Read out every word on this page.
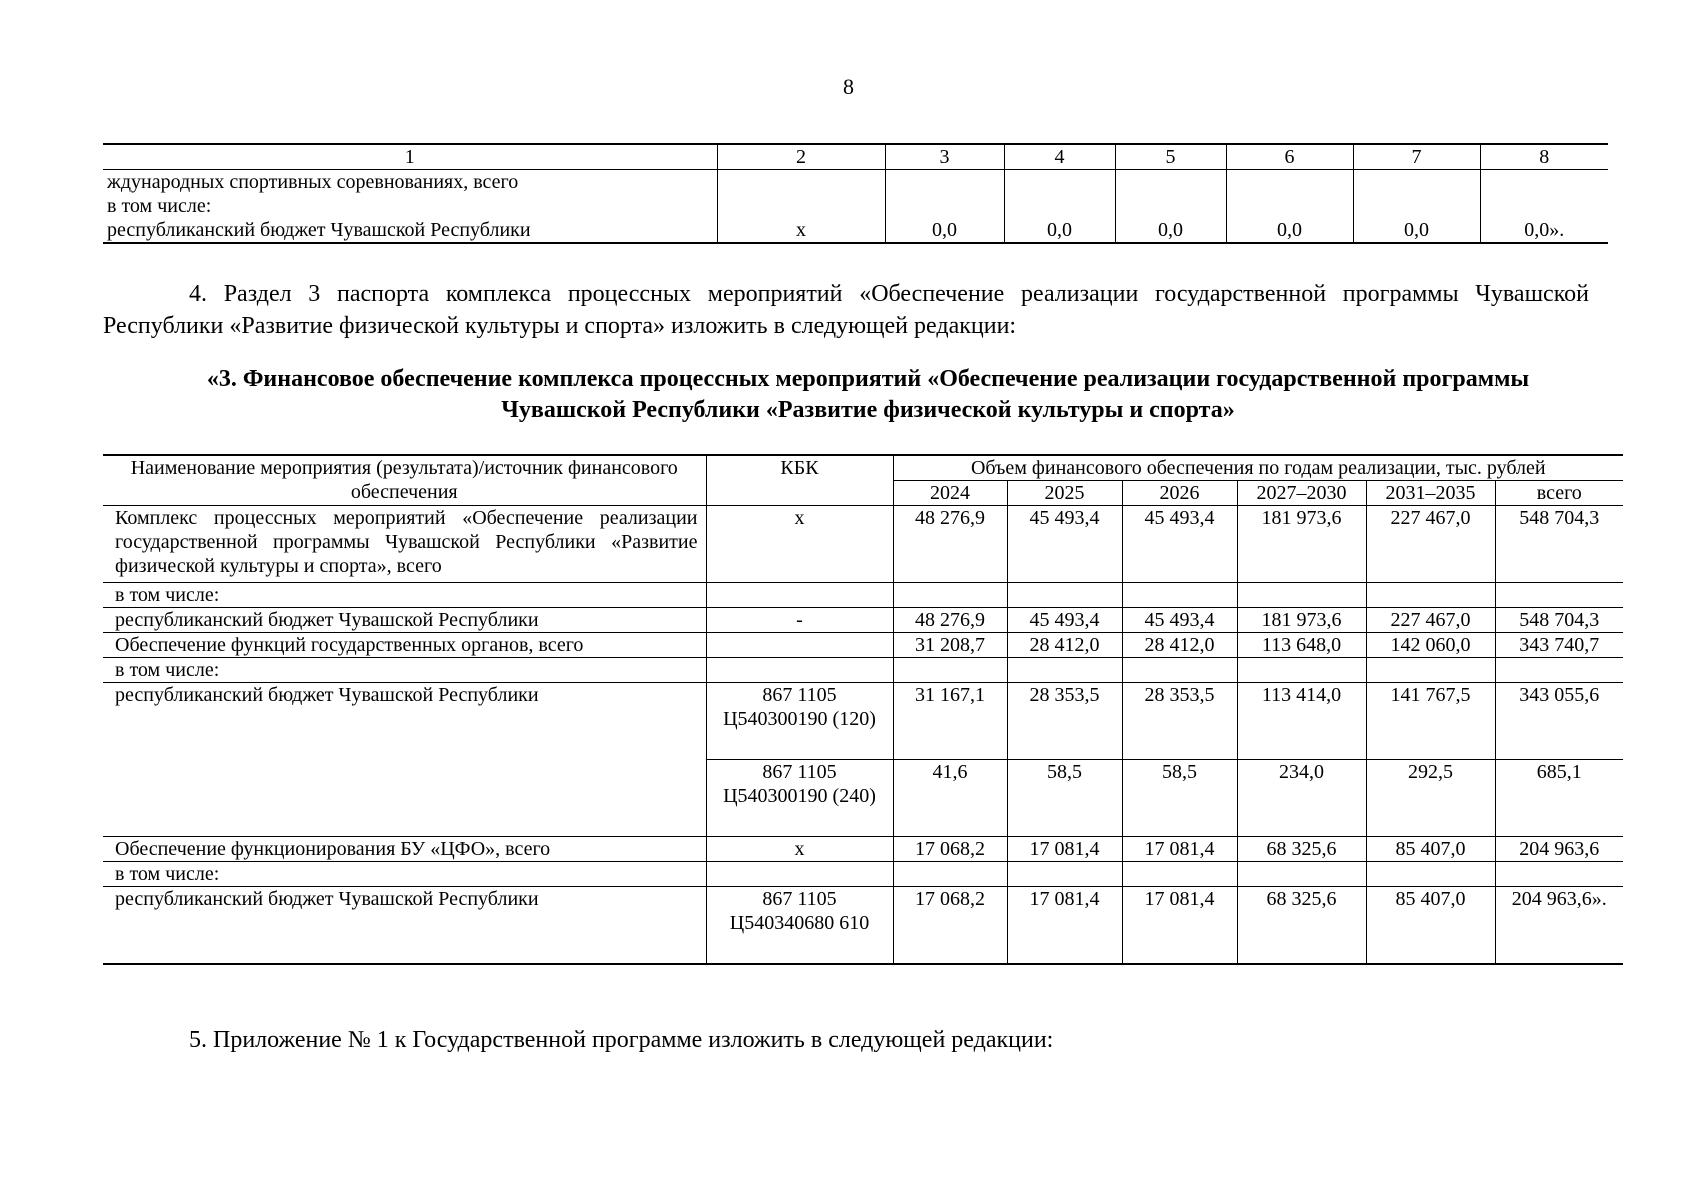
8
1	2	3	4	5	6	7	8

ждународных спортивных соревнованиях, всего
в том числе:							

республиканский бюджет Чувашской Республики	x	0,0	0,0	0,0	0,0	0,0	0,0».
4. Раздел 3 паспорта комплекса процессных мероприятий «Обеспечение реализации государственной программы Чувашской Республики «Развитие физической культуры и спорта» изложить в следующей редакции:
«3. Финансовое обеспечение комплекса процессных мероприятий «Обеспечение реализации государственной программы
Чувашской Республики «Развитие физической культуры и спорта»
Наименование мероприятия (результата)/источник финансового обеспечения	КБК	Объем финансового обеспечения по годам реализации, тыс. рублей					
		2024	2025	2026	2027–2030	2031–2035	всего
Комплекс процессных мероприятий «Обеспечение реализации государственной программы Чувашской Республики «Развитие физической культуры и спорта», всего	x	48 276,9	45 493,4	45 493,4	181 973,6	227 467,0	548 704,3
в том числе:							
республиканский бюджет Чувашской Республики	-	48 276,9	45 493,4	45 493,4	181 973,6	227 467,0	548 704,3
Обеспечение функций государственных органов, всего		31 208,7	28 412,0	28 412,0	113 648,0	142 060,0	343 740,7
в том числе:							
республиканский бюджет Чувашской Республики	867 1105 Ц540300190 (120)	31 167,1	28 353,5	28 353,5	113 414,0	141 767,5	343 055,6
	867 1105 Ц540300190 (240)	41,6	58,5	58,5	234,0	292,5	685,1
Обеспечение функционирования БУ «ЦФО», всего	x	17 068,2	17 081,4	17 081,4	68 325,6	85 407,0	204 963,6
в том числе:							
республиканский бюджет Чувашской Республики	867 1105 Ц540340680 610	17 068,2	17 081,4	17 081,4	68 325,6	85 407,0	204 963,6».
5. Приложение № 1 к Государственной программе изложить в следующей редакции:
